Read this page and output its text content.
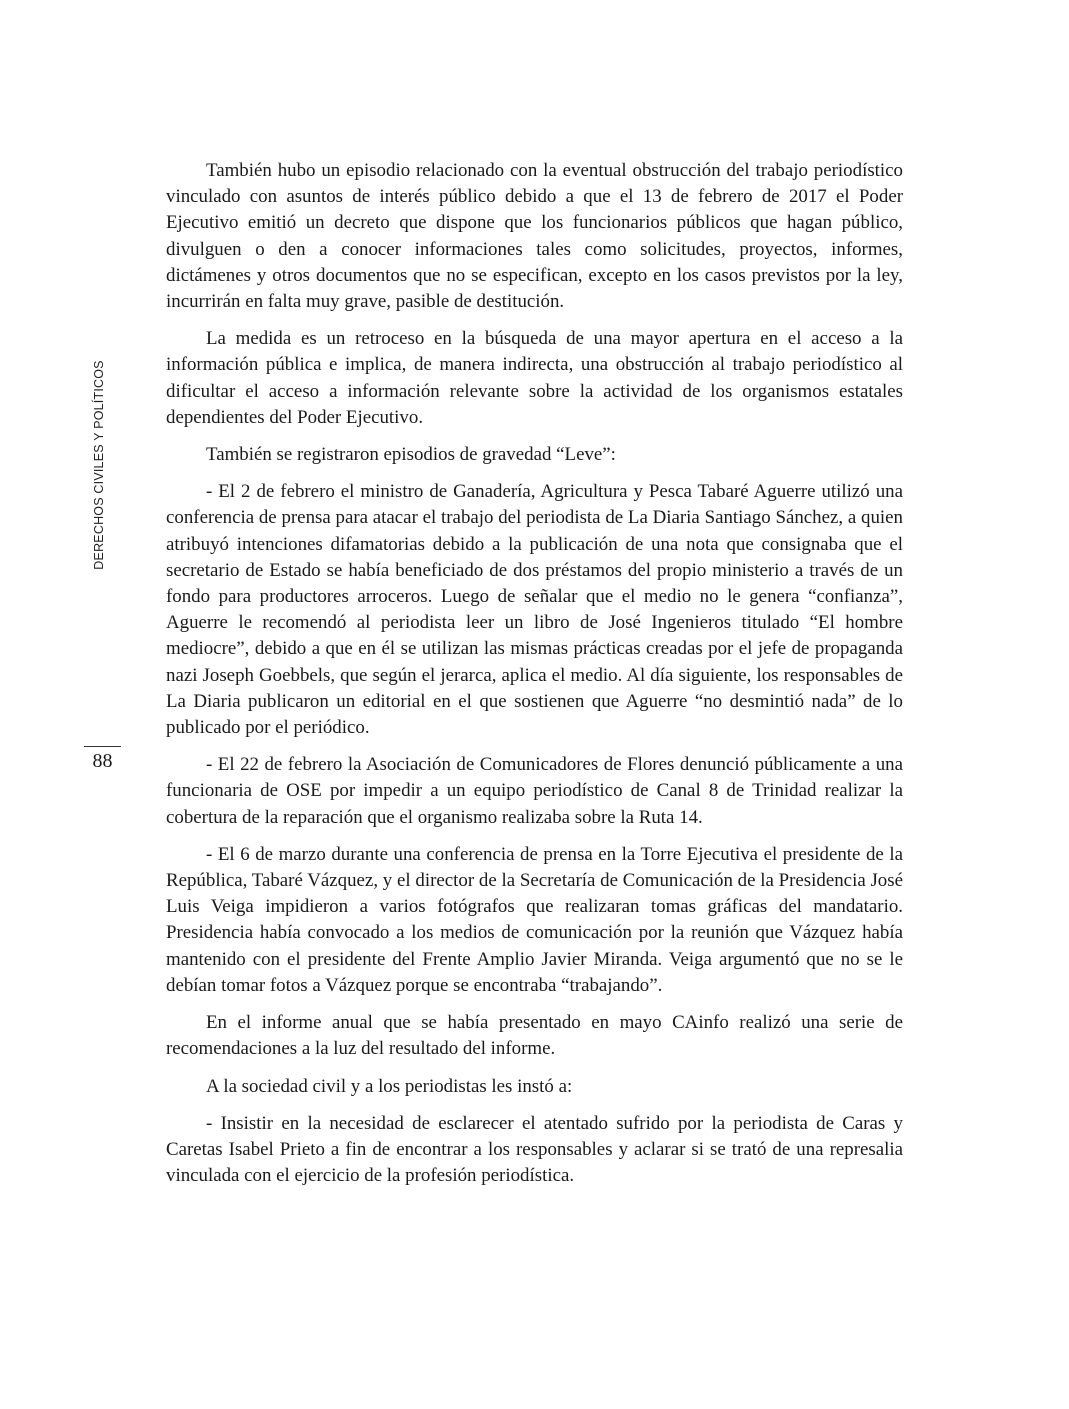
DERECHOS CIVILES Y POLÍTICOS
88

También hubo un episodio relacionado con la eventual obstrucción del trabajo periodístico vinculado con asuntos de interés público debido a que el 13 de febrero de 2017 el Poder Ejecutivo emitió un decreto que dispone que los funcionarios públicos que hagan público, divulguen o den a conocer informaciones tales como solicitudes, proyectos, informes, dictámenes y otros documentos que no se especifican, excepto en los casos previstos por la ley, incurrirán en falta muy grave, pasible de destitución.

La medida es un retroceso en la búsqueda de una mayor apertura en el acceso a la información pública e implica, de manera indirecta, una obstrucción al trabajo periodístico al dificultar el acceso a información relevante sobre la actividad de los organismos estatales dependientes del Poder Ejecutivo.

También se registraron episodios de gravedad “Leve”:

- El 2 de febrero el ministro de Ganadería, Agricultura y Pesca Tabaré Aguerre utilizó una conferencia de prensa para atacar el trabajo del periodista de La Diaria Santiago Sánchez, a quien atribuyó intenciones difamatorias debido a la publicación de una nota que consignaba que el secretario de Estado se había beneficiado de dos préstamos del propio ministerio a través de un fondo para productores arroceros. Luego de señalar que el medio no le genera “confianza”, Aguerre le recomendó al periodista leer un libro de José Ingenieros titulado “El hombre mediocre”, debido a que en él se utilizan las mismas prácticas creadas por el jefe de propaganda nazi Joseph Goebbels, que según el jerarca, aplica el medio. Al día siguiente, los responsables de La Diaria publicaron un editorial en el que sostienen que Aguerre “no desmintió nada” de lo publicado por el periódico.

- El 22 de febrero la Asociación de Comunicadores de Flores denunció públicamente a una funcionaria de OSE por impedir a un equipo periodístico de Canal 8 de Trinidad realizar la cobertura de la reparación que el organismo realizaba sobre la Ruta 14.

- El 6 de marzo durante una conferencia de prensa en la Torre Ejecutiva el presidente de la República, Tabaré Vázquez, y el director de la Secretaría de Comunicación de la Presidencia José Luis Veiga impidieron a varios fotógrafos que realizaran tomas gráficas del mandatario. Presidencia había convocado a los medios de comunicación por la reunión que Vázquez había mantenido con el presidente del Frente Amplio Javier Miranda. Veiga argumentó que no se le debían tomar fotos a Vázquez porque se encontraba “trabajando”.

En el informe anual que se había presentado en mayo CAinfo realizó una serie de recomendaciones a la luz del resultado del informe.

A la sociedad civil y a los periodistas les instó a:

- Insistir en la necesidad de esclarecer el atentado sufrido por la periodista de Caras y Caretas Isabel Prieto a fin de encontrar a los responsables y aclarar si se trató de una represalia vinculada con el ejercicio de la profesión periodística.
